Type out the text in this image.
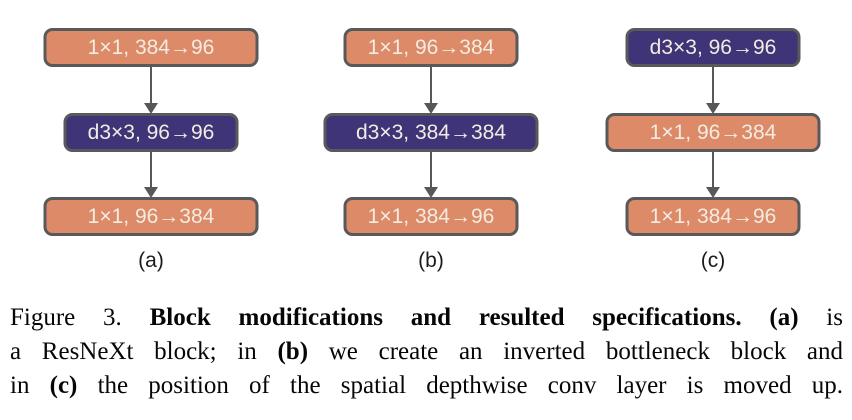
1×1, 384→96
d3×3, 96→96
1×1, 96→384
(a)
1×1, 96→384
d3×3, 384→384
1×1, 384→96
(b)
d3×3, 96→96
1×1, 96→384
1×1, 384→96
(c)
Figure 3. Block modifications and resulted specifications. (a) is
a ResNeXt block; in (b) we create an inverted bottleneck block and
in (c) the position of the spatial depthwise conv layer is moved up.
